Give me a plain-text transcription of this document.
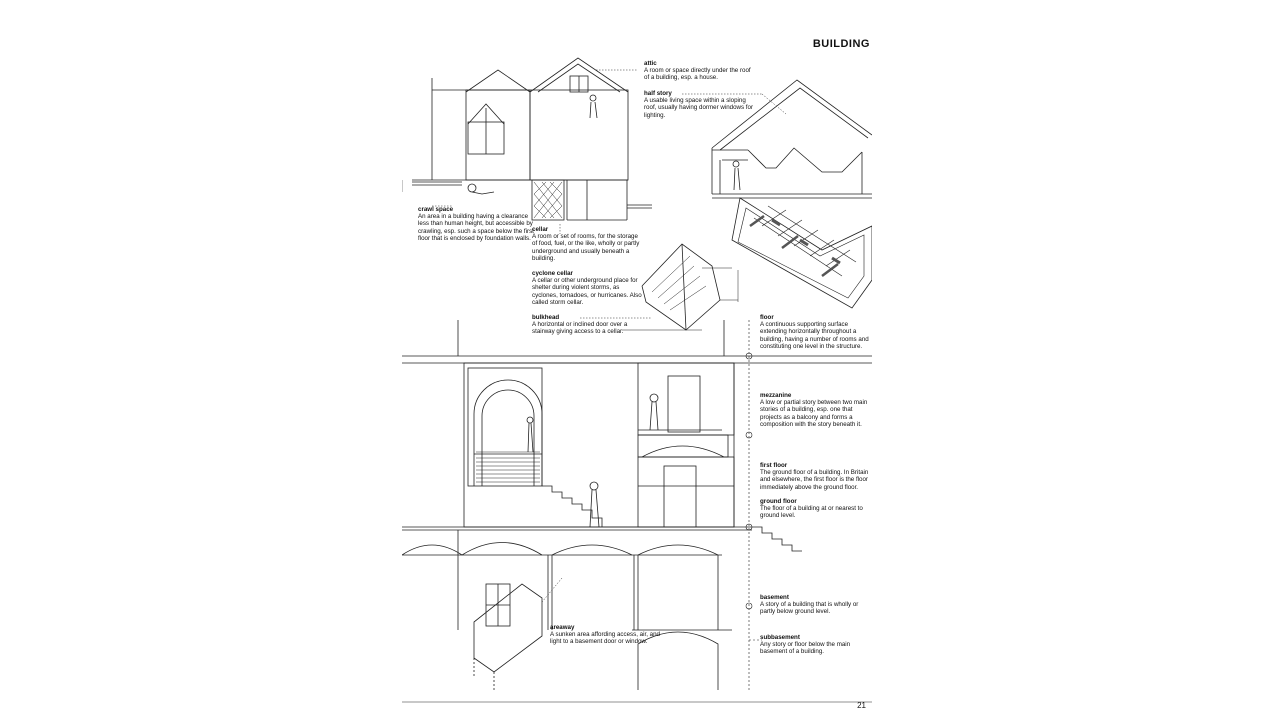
BUILDING
attic
A room or space directly under the roof of a building, esp. a house.
half story
A usable living space within a sloping roof, usually having dormer windows for lighting.
crawl space
An area in a building having a clearance less than human height, but accessible by crawling, esp. such a space below the first floor that is enclosed by foundation walls.
cellar
A room or set of rooms, for the storage of food, fuel, or the like, wholly or partly underground and usually beneath a building.
cyclone cellar
A cellar or other underground place for shelter during violent storms, as cyclones, tornadoes, or hurricanes. Also called storm cellar.
bulkhead
A horizontal or inclined door over a stairway giving access to a cellar.
floor
A continuous supporting surface extending horizontally throughout a building, having a number of rooms and constituting one level in the structure.
mezzanine
A low or partial story between two main stories of a building, esp. one that projects as a balcony and forms a composition with the story beneath it.
first floor
The ground floor of a building. In Britain and elsewhere, the first floor is the floor immediately above the ground floor.
ground floor
The floor of a building at or nearest to ground level.
basement
A story of a building that is wholly or partly below ground level.
areaway
A sunken area affording access, air, and light to a basement door or window.
subbasement
Any story or floor below the main basement of a building.
21
